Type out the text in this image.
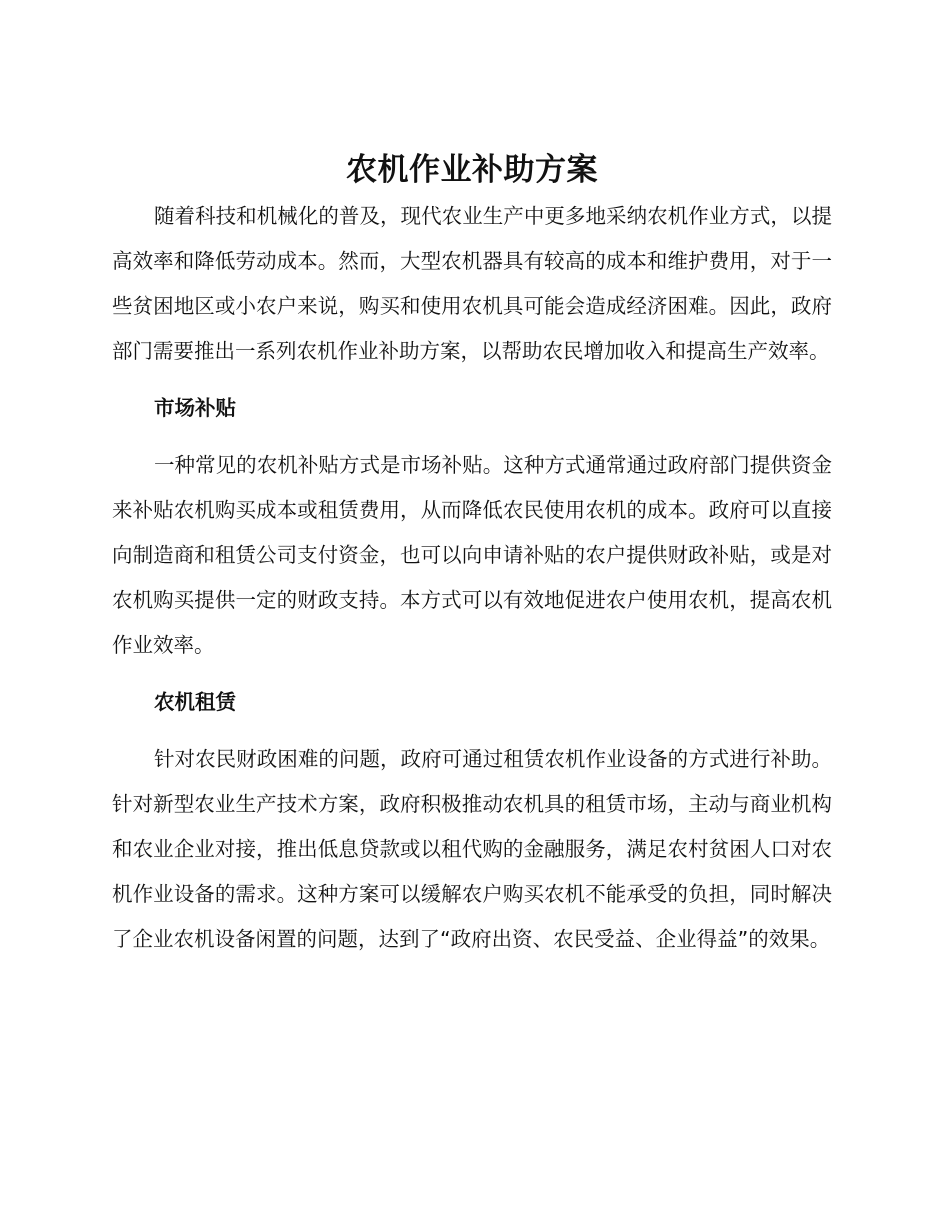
农机作业补助方案

随着科技和机械化的普及，现代农业生产中更多地采纳农机作业方式，以提高效率和降低劳动成本。然而，大型农机器具有较高的成本和维护费用，对于一些贫困地区或小农户来说，购买和使用农机具可能会造成经济困难。因此，政府部门需要推出一系列农机作业补助方案，以帮助农民增加收入和提高生产效率。

市场补贴

一种常见的农机补贴方式是市场补贴。这种方式通常通过政府部门提供资金来补贴农机购买成本或租赁费用，从而降低农民使用农机的成本。政府可以直接向制造商和租赁公司支付资金，也可以向申请补贴的农户提供财政补贴，或是对农机购买提供一定的财政支持。本方式可以有效地促进农户使用农机，提高农机作业效率。

农机租赁

针对农民财政困难的问题，政府可通过租赁农机作业设备的方式进行补助。针对新型农业生产技术方案，政府积极推动农机具的租赁市场，主动与商业机构和农业企业对接，推出低息贷款或以租代购的金融服务，满足农村贫困人口对农机作业设备的需求。这种方案可以缓解农户购买农机不能承受的负担，同时解决了企业农机设备闲置的问题，达到了“政府出资、农民受益、企业得益”的效果。
